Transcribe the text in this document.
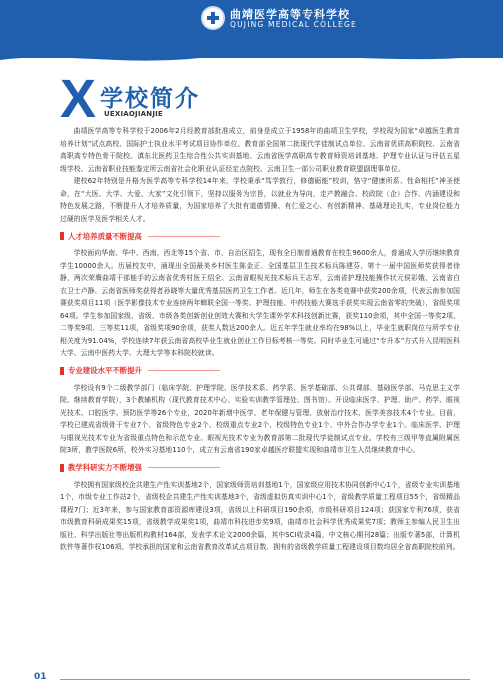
曲靖医学高等专科学校
QUJING MEDICAL COLLEGE
X 学校简介
UEXIAOJIANJIE

曲靖医学高等专科学校于2006年2月经教育部批准成立，前身是成立于1958年的曲靖卫生学校，学校现为国家“卓越医生教育培养计划”试点高校、国际护士执业水平考试项目协作单位、教育部全国第二批现代学徒制试点单位、云南省优质高职院校、云南省高职高专特色骨干院校、滇东北医药卫生综合性公共实训基地、云南省医学高职高专教育师资培训基地、护理专业认证与评估五星级学校、云南省职业技能鉴定所云南省社会化职业认证经定点院校、云南卫生一部公司职业教育联盟副理事单位。

建校62年特别是升格为医学高等专科学校14年来，学校秉承“笃学敦行，修德砺能”校训，恪守“健康所系、性命相托”神圣使命，在“大医、大学、大爱、大家”文化引领下，坚持以服务为宗旨，以就业为导向，走产教融合、校政院（企）合作、内涵建设和特色发展之路，不断提升人才培养质量，为国家培养了大批有道德情操、有仁爱之心、有创新精神、基础理论扎实，专业岗位能力过硬的医学及医学相关人才。

人才培养质量不断提高

学校面向华南、华中、西南、西北等15个省、市、自治区招生，现有全日制普通教育在校生9600余人，普通成人学历继续教育学生10000余人。历届校友中，涌现出全国最美乡村医生陈金正、全国基层卫生技术标兵陈建芬、第十一届中国医师奖获得者徐静，两次荣膺曲靖干部能手的云南省优秀村医王绍全、云南省眼视光技术标兵王志军，云南省护理技能操作状元侯彩娥、云南省白衣卫士卢静、云南省医师奖获得者孙晓等大量优秀基层医药卫生工作者。近几年，师生在各类竞赛中获奖200余项，代表云南参加国赛获奖项目11项（医学影像技术专业连续两年蝉联全国一等奖、护理技能、中药技能大赛选手获奖实现云南省零的突破），省级奖项64项。学生参加国家级、省级、市级各类创新创业创效大赛和大学生课外学术科技创新比赛，获奖110余项，其中全国一等奖2项、二等奖9项、三等奖11项，省级奖项90余项，获奖人数达200余人。近五年学生就业率均在98%以上，毕业生就职岗位与所学专业相关度为91.04%，学校连续7年获云南省高校毕业生就业创业工作目标考核一等奖。同时毕业生可通过“专升本”方式升入昆明医科大学、云南中医药大学、大理大学等本科院校就读。

专业建设水平不断提升

学校设有9个二级教学部门（临床学院、护理学院、医学技术系、药学系、医学基础部、公共课部、基础医学部、马克思主义学院、继续教育学院），3个教辅机构（现代教育技术中心、实验实训教学管理处、图书馆）。开设临床医学、护理、助产、药学、眼视光技术、口腔医学、预防医学等26个专业，2020年新增中医学、老年保健与管理、放射治疗技术、医学美容技术4个专业。目前，学校已建成省级骨干专业7个、省级特色专业2个、校级重点专业2个、校级特色专业1个、中外合作办学专业1个。临床医学、护理与眼视光技术专业为省级重点特色和示范专业。眼视光技术专业为教育部第二批现代学徒制试点专业。学校有三级甲等直属附属医院3所，教学医院6所，校外实习基地110个，成立有云南省190家卓越医疗联盟实现和曲靖市卫生人员继续教育中心。

教学科研实力不断增强

学校拥有国家级校企共建生产性实训基地2个，国家级师资培训基地1个，国家级应用技术协同创新中心1个，省级专业实训基地1个，市级专业工作站2个，省级校企共建生产性实训基地3个，省级虚拟仿真实训中心1个，省级教学质量工程项目55个，省级精品课程7门；近3年来，参与国家教育部资源库建设3项，省级以上科研项目190余项，市级科研项目124项；获国家专利76项，获省市级教育科研成果奖15项，省级教学成果奖1项，曲靖市科技进步奖9项，曲靖市社会科学优秀成果奖7项；教师主参编人民卫生出版社、科学出版社等出版机构教材164部，发表学术论文2000余篇，其中SCI收录4篇，中文核心期刊28篇；出版专著5部，计算机软件等著作权106项。学校承担的国家和云南省教育改革试点项目数、拥有的省级教学质量工程建设项目数均居全省高职院校前列。

01
